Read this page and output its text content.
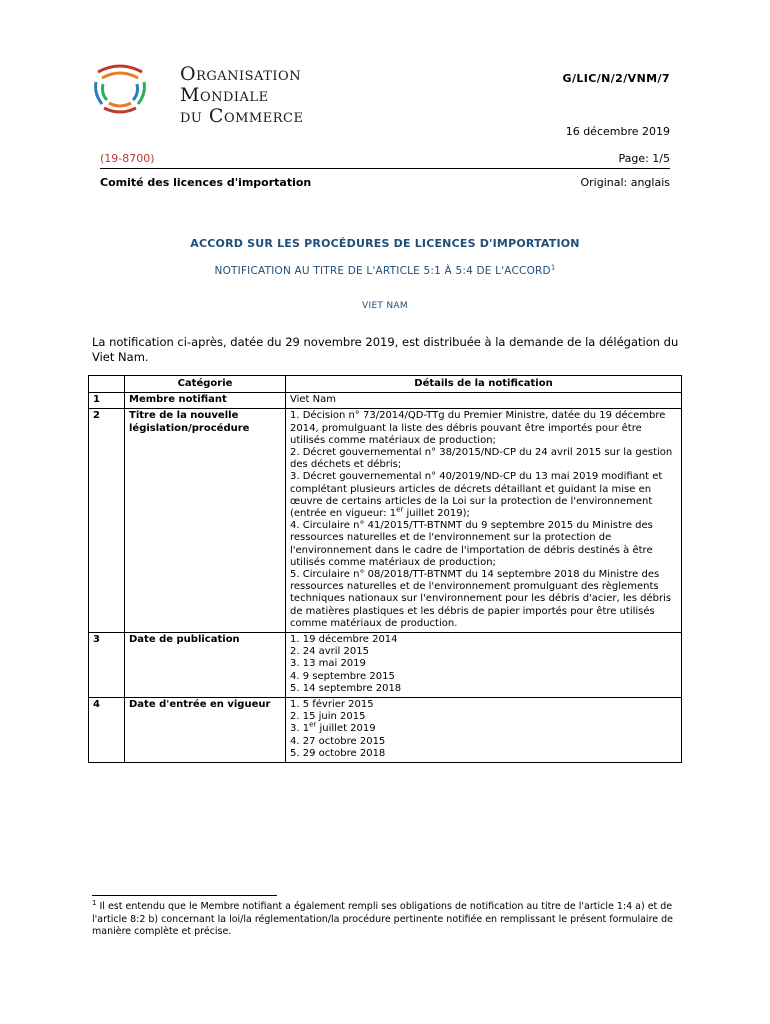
Organisation
Mondiale
du Commerce
G/LIC/N/2/VNM/7
16 décembre 2019
(19-8700)	Page: 1/5
Comité des licences d'importation	Original: anglais
ACCORD SUR LES PROCÉDURES DE LICENCES D'IMPORTATION
NOTIFICATION AU TITRE DE L'ARTICLE 5:1 À 5:4 DE L'ACCORD$^1$
VIET NAM
La notification ci-après, datée du 29 novembre 2019, est distribuée à la demande de la délégation du Viet Nam.
	Catégorie	Détails de la notification
1	Membre notifiant	Viet Nam

2	Titre de la nouvelle législation/procédure	1. Décision n° 73/2014/QD-TTg du Premier Ministre, datée du 19 décembre 2014, promulguant la liste des débris pouvant être importés pour être utilisés comme matériaux de production;
2. Décret gouvernemental n° 38/2015/ND-CP du 24 avril 2015 sur la gestion des déchets et débris;
3. Décret gouvernemental n° 40/2019/ND-CP du 13 mai 2019 modifiant et complétant plusieurs articles de décrets détaillant et guidant la mise en œuvre de certains articles de la Loi sur la protection de l'environnement (entrée en vigueur: 1er juillet 2019);
4. Circulaire n° 41/2015/TT-BTNMT du 9 septembre 2015 du Ministre des ressources naturelles et de l'environnement sur la protection de l'environnement dans le cadre de l'importation de débris destinés à être utilisés comme matériaux de production;
5. Circulaire n° 08/2018/TT-BTNMT du 14 septembre 2018 du Ministre des ressources naturelles et de l'environnement promulguant des règlements techniques nationaux sur l'environnement pour les débris d'acier, les débris de matières plastiques et les débris de papier importés pour être utilisés comme matériaux de production.

3	Date de publication	1. 19 décembre 2014
2. 24 avril 2015
3. 13 mai 2019
4. 9 septembre 2015
5. 14 septembre 2018

4	Date d'entrée en vigueur	1. 5 février 2015
2. 15 juin 2015
3. 1er juillet 2019
4. 27 octobre 2015
5. 29 octobre 2018
$^1$ Il est entendu que le Membre notifiant a également rempli ses obligations de notification au titre de l'article 1:4 a) et de l'article 8:2 b) concernant la loi/la réglementation/la procédure pertinente notifiée en remplissant le présent formulaire de manière complète et précise.
